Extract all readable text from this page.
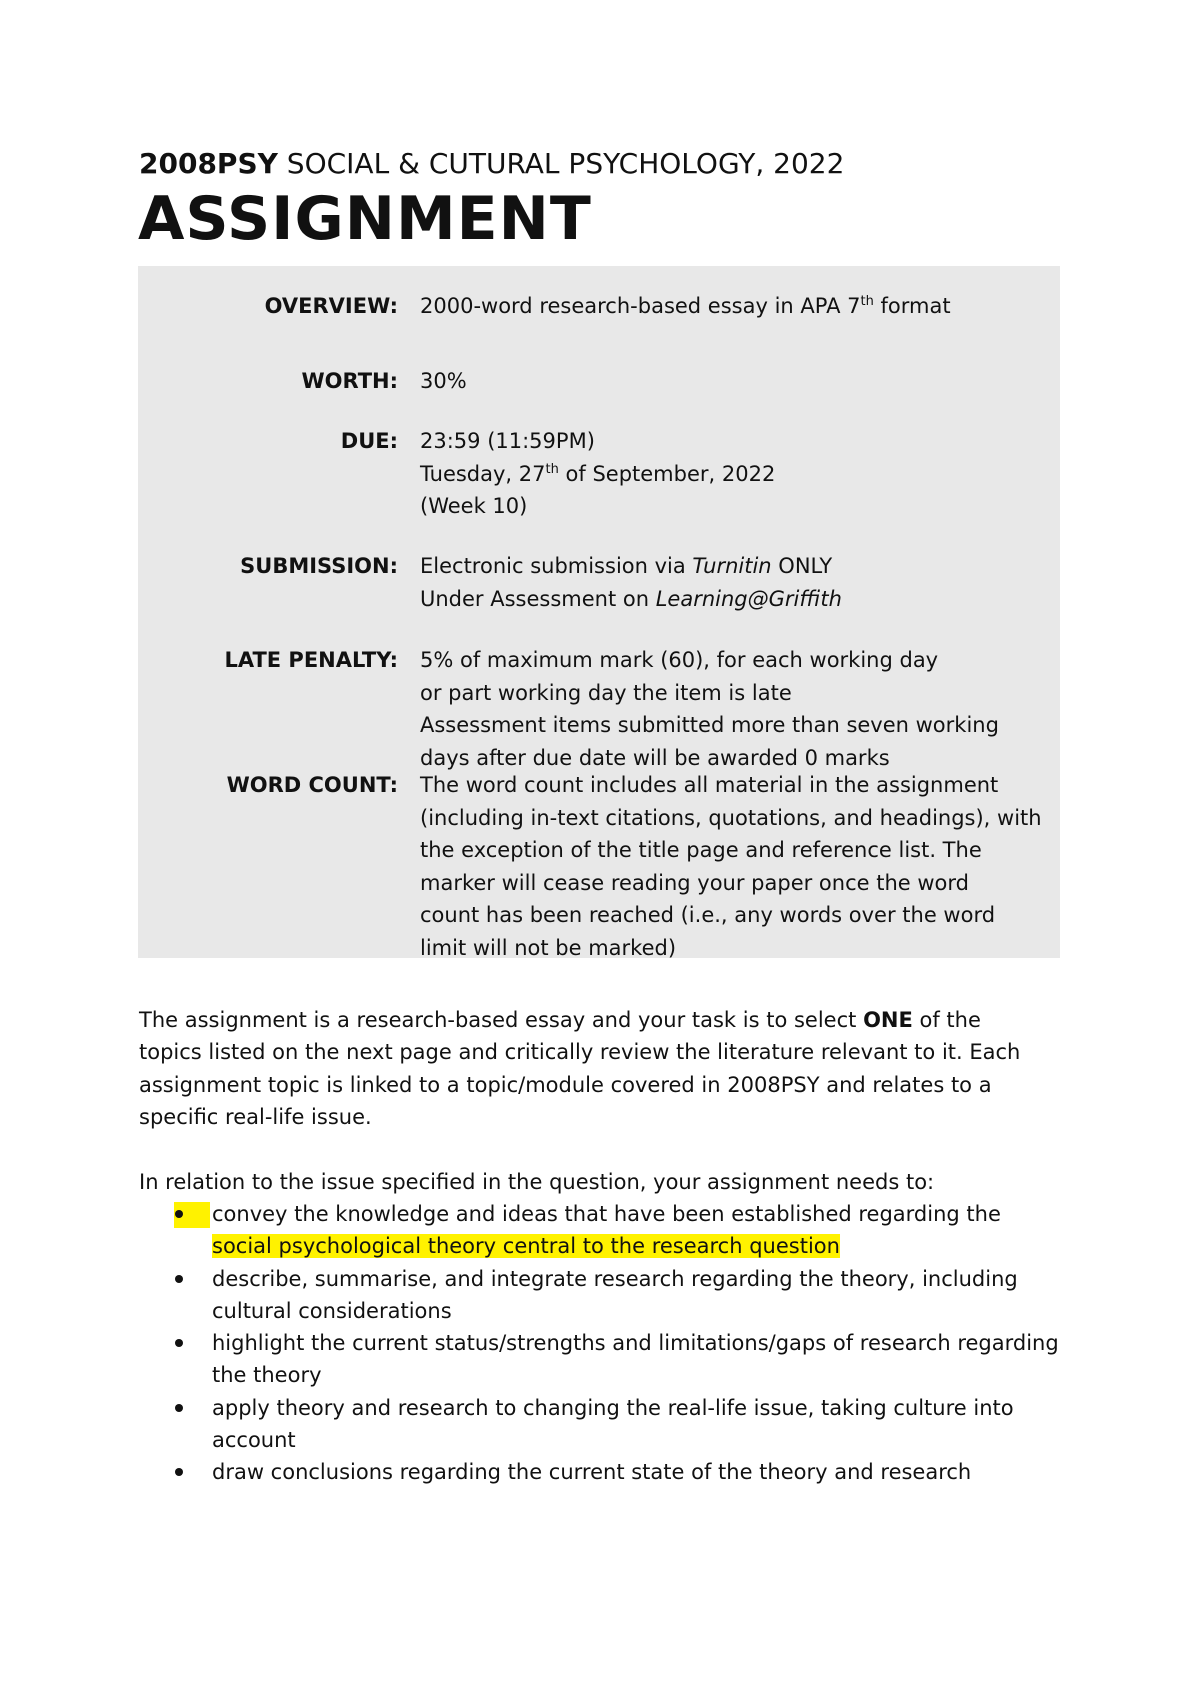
2008PSY SOCIAL & CUTURAL PSYCHOLOGY, 2022
ASSIGNMENT
OVERVIEW: 2000-word research-based essay in APA 7th format
WORTH: 30%
DUE: 23:59 (11:59PM)
Tuesday, 27th of September, 2022
(Week 10)
SUBMISSION: Electronic submission via Turnitin ONLY
Under Assessment on Learning@Griffith
LATE PENALTY: 5% of maximum mark (60), for each working day
or part working day the item is late
Assessment items submitted more than seven working
days after due date will be awarded 0 marks
WORD COUNT: The word count includes all material in the assignment
(including in-text citations, quotations, and headings), with
the exception of the title page and reference list. The
marker will cease reading your paper once the word
count has been reached (i.e., any words over the word
limit will not be marked)
The assignment is a research-based essay and your task is to select ONE of the
topics listed on the next page and critically review the literature relevant to it. Each
assignment topic is linked to a topic/module covered in 2008PSY and relates to a
specific real-life issue.
In relation to the issue specified in the question, your assignment needs to:
convey the knowledge and ideas that have been established regarding the
social psychological theory central to the research question
describe, summarise, and integrate research regarding the theory, including
cultural considerations
highlight the current status/strengths and limitations/gaps of research regarding
the theory
apply theory and research to changing the real-life issue, taking culture into
account
draw conclusions regarding the current state of the theory and research
